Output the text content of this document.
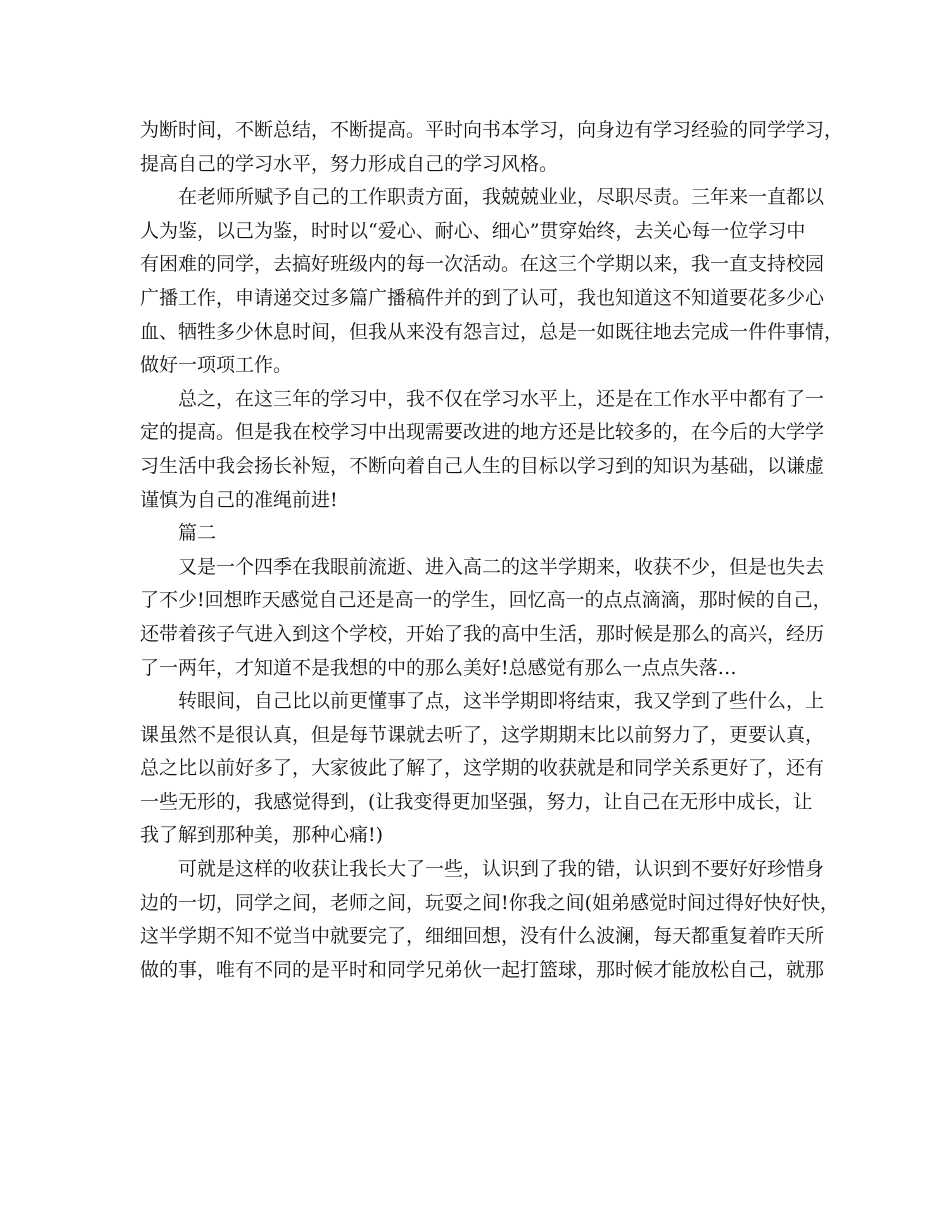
为断时间，不断总结，不断提高。平时向书本学习，向身边有学习经验的同学学习，
提高自己的学习水平，努力形成自己的学习风格。
在老师所赋予自己的工作职责方面，我兢兢业业，尽职尽责。三年来一直都以
人为鉴，以己为鉴，时时以“爱心、耐心、细心”贯穿始终，去关心每一位学习中
有困难的同学，去搞好班级内的每一次活动。在这三个学期以来，我一直支持校园
广播工作，申请递交过多篇广播稿件并的到了认可，我也知道这不知道要花多少心
血、牺牲多少休息时间，但我从来没有怨言过，总是一如既往地去完成一件件事情，
做好一项项工作。
总之，在这三年的学习中，我不仅在学习水平上，还是在工作水平中都有了一
定的提高。但是我在校学习中出现需要改进的地方还是比较多的，在今后的大学学
习生活中我会扬长补短，不断向着自己人生的目标以学习到的知识为基础，以谦虚
谨慎为自己的准绳前进!
篇二
又是一个四季在我眼前流逝、进入高二的这半学期来，收获不少，但是也失去
了不少!回想昨天感觉自己还是高一的学生，回忆高一的点点滴滴，那时候的自己，
还带着孩子气进入到这个学校，开始了我的高中生活，那时候是那么的高兴，经历
了一两年，才知道不是我想的中的那么美好!总感觉有那么一点点失落…
转眼间，自己比以前更懂事了点，这半学期即将结束，我又学到了些什么，上
课虽然不是很认真，但是每节课就去听了，这学期期末比以前努力了，更要认真，
总之比以前好多了，大家彼此了解了，这学期的收获就是和同学关系更好了，还有
一些无形的，我感觉得到，(让我变得更加坚强，努力，让自己在无形中成长，让
我了解到那种美，那种心痛!)
可就是这样的收获让我长大了一些，认识到了我的错，认识到不要好好珍惜身
边的一切，同学之间，老师之间，玩耍之间!你我之间(姐弟感觉时间过得好快好快，
这半学期不知不觉当中就要完了，细细回想，没有什么波澜，每天都重复着昨天所
做的事，唯有不同的是平时和同学兄弟伙一起打篮球，那时候才能放松自己，就那
